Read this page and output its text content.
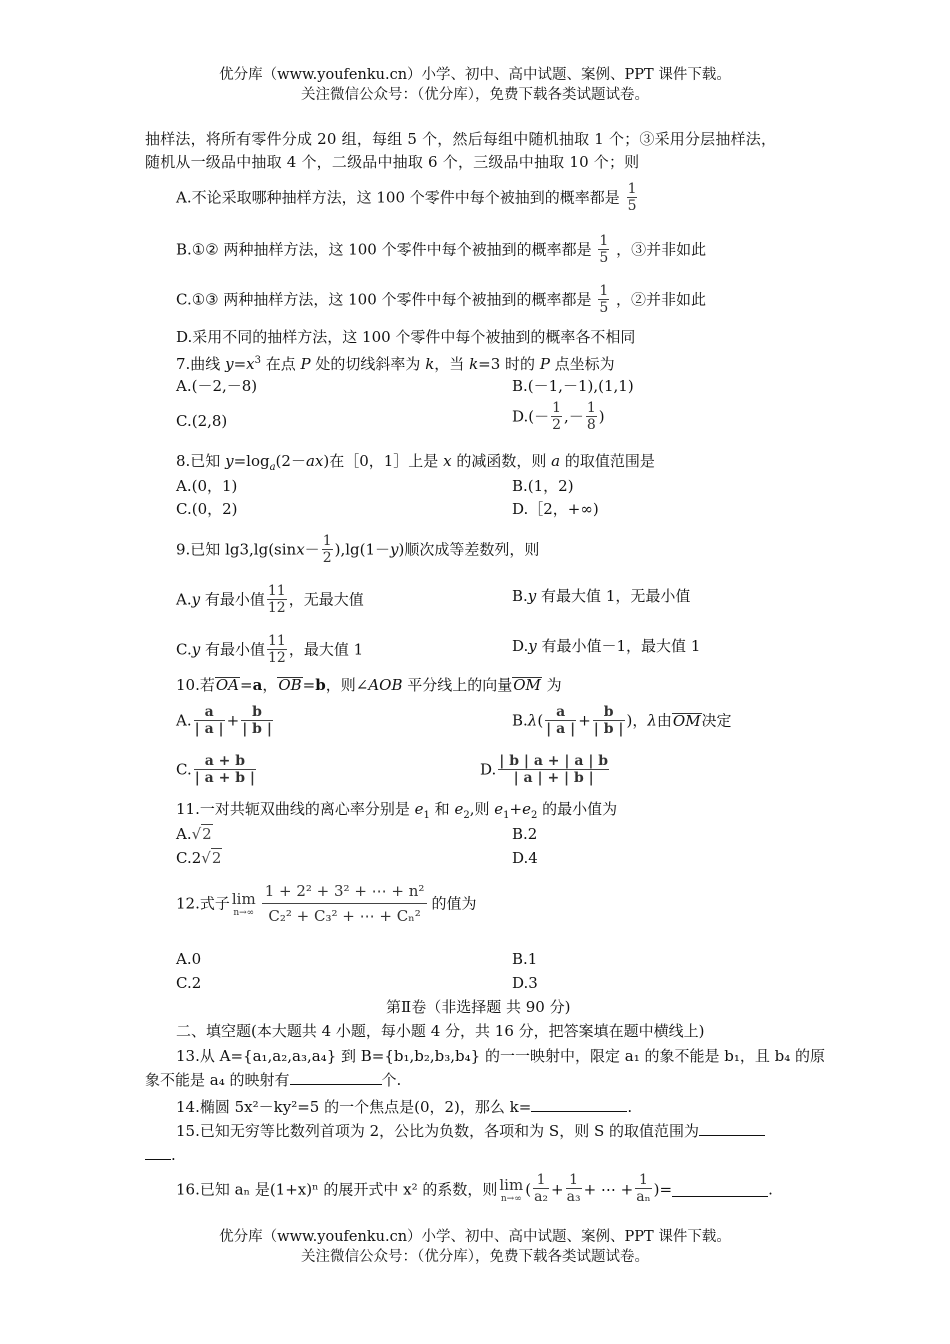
优分库（www.youfenku.cn）小学、初中、高中试题、案例、PPT 课件下载。
关注微信公众号：（优分库），免费下载各类试题试卷。
抽样法，将所有零件分成 20 组，每组 5 个，然后每组中随机抽取 1 个；③采用分层抽样法，
随机从一级品中抽取 4 个，二级品中抽取 6 个，三级品中抽取 10 个；则
A.不论采取哪种抽样方法，这 100 个零件中每个被抽到的概率都是 $\frac{1}{5}$
B.①② 两种抽样方法，这 100 个零件中每个被抽到的概率都是 $\frac{1}{5}$ ，③并非如此
C.①③ 两种抽样方法，这 100 个零件中每个被抽到的概率都是 $\frac{1}{5}$ ，②并非如此
D.采用不同的抽样方法，这 100 个零件中每个被抽到的概率各不相同
7.曲线 $y=x^3$ 在点 P 处的切线斜率为 k，当 k=3 时的 P 点坐标为
A.(－2,－8)	B.(－1,－1),(1,1)
C.(2,8)	$D.(- \frac{1}{2}$ ,－ $\frac{1}{8}$ )
8.已知 $y=\log_a(2-ax)$在［0，1］上是 x 的减函数，则 a 的取值范围是
A.(0，1)	B.(1，2)
C.(0，2)	D.［2，+∞)
9.已知 $\lg 3,\lg(\sin x- \frac{1}{2} ),\lg(1-y)$顺次成等差数列，则
A.y 有最小值 $\frac{11}{12}$ ，无最大值	B.y 有最大值 1，无最小值
C.y 有最小值 $\frac{11}{12}$ ，最大值 1	D.y 有最小值－1，最大值 1
10.若OA=a，OB=b，则∠AOB 平分线上的向量OM 为
A. $\frac{a}{| a |} + \frac{b}{| b |}$	$B.\lambda( \frac{a}{| a |} + \frac{b}{| b |}$ )，λ由OM决定
C. $\frac{a + b}{| a + b |}$	D. $\frac{| b | a + | a | b}{| a | + | b |}$
11.一对共轭双曲线的离心率分别是 $e_1$ 和 $e_2$,则 $e_1+e_2$ 的最小值为
A.√2	B.2
C.2√2	D.4
12.式子 lim
$n\to\infty \frac{\text{1 + 2² + 3² + ⋯ + n²}}{\text{C₂² + C₃² + ⋯ + Cₙ²}}$ 的值为
A.0	B.1
C.2	D.3
第Ⅱ卷（非选择题 共 90 分)
二、填空题(本大题共 4 小题，每小题 4 分，共 16 分，把答案填在题中横线上)
13.从 A={a₁,a₂,a₃,a₄} 到 B={b₁,b₂,b₃,b₄} 的一一映射中，限定 a₁ 的象不能是 b₁，且 b₄ 的原
象不能是 a₄ 的映射有	个.
14.椭圆 5x²－ky²=5 的一个焦点是(0，2)，那么 k=	.
15.已知无穷等比数列首项为 2，公比为负数，各项和为 S，则 S 的取值范围为
.
16.已知 aₙ 是(1+x)ⁿ 的展开式中 x² 的系数，则 lim
n→∞ ( $\frac{1}{\text{a₂}} + \frac{1}{\text{a₃}}$ + ⋯ + $\frac{1}{\text{aₙ}}$ )=	.
优分库（www.youfenku.cn）小学、初中、高中试题、案例、PPT 课件下载。
关注微信公众号：（优分库），免费下载各类试题试卷。
